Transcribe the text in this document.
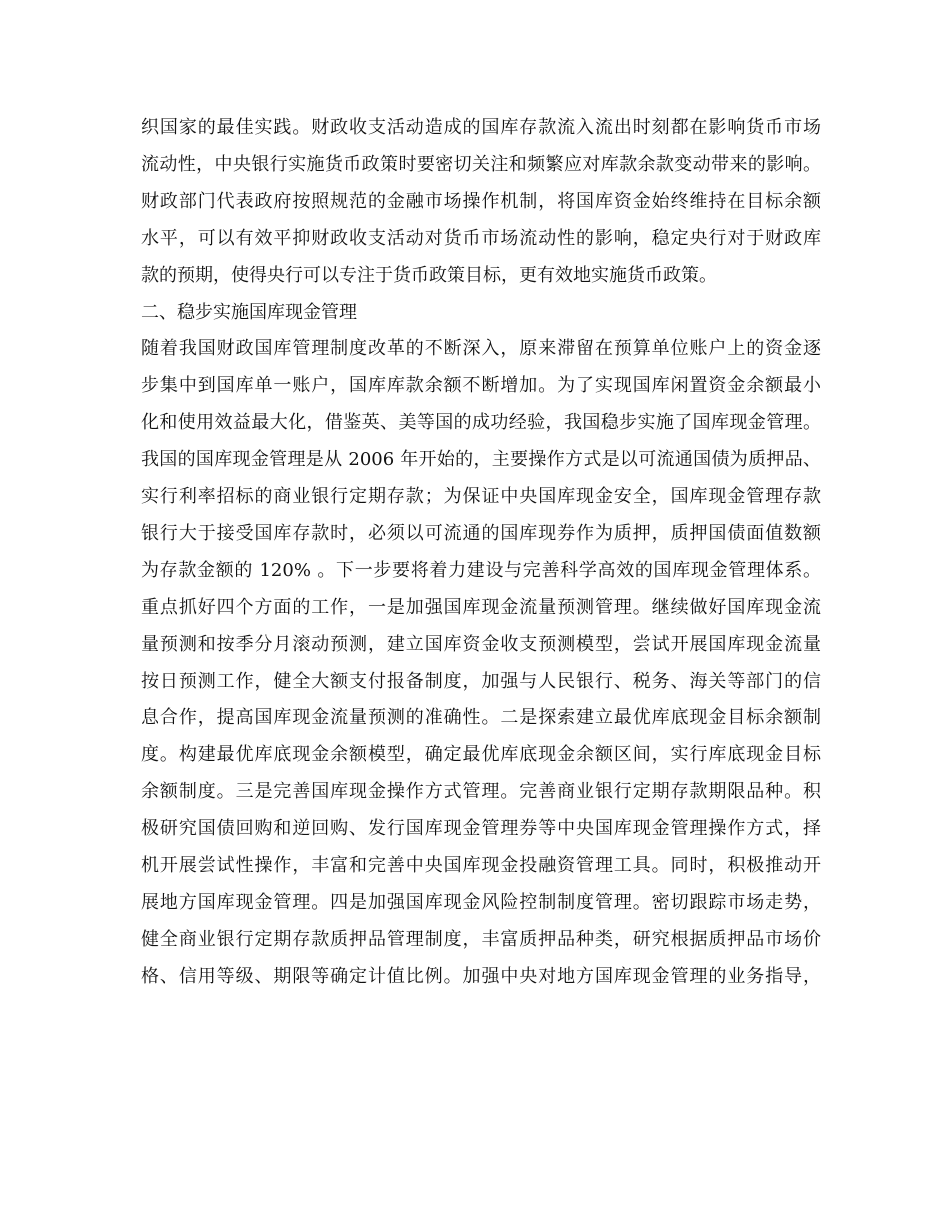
织国家的最佳实践。财政收支活动造成的国库存款流入流出时刻都在影响货币市场
流动性，中央银行实施货币政策时要密切关注和频繁应对库款余款变动带来的影响。
财政部门代表政府按照规范的金融市场操作机制，将国库资金始终维持在目标余额
水平，可以有效平抑财政收支活动对货币市场流动性的影响，稳定央行对于财政库
款的预期，使得央行可以专注于货币政策目标，更有效地实施货币政策。
二、稳步实施国库现金管理
随着我国财政国库管理制度改革的不断深入，原来滞留在预算单位账户上的资金逐
步集中到国库单一账户，国库库款余额不断增加。为了实现国库闲置资金余额最小
化和使用效益最大化，借鉴英、美等国的成功经验，我国稳步实施了国库现金管理。
我国的国库现金管理是从 2006 年开始的，主要操作方式是以可流通国债为质押品、
实行利率招标的商业银行定期存款；为保证中央国库现金安全，国库现金管理存款
银行大于接受国库存款时，必须以可流通的国库现券作为质押，质押国债面值数额
为存款金额的 120% 。下一步要将着力建设与完善科学高效的国库现金管理体系。
重点抓好四个方面的工作，一是加强国库现金流量预测管理。继续做好国库现金流
量预测和按季分月滚动预测，建立国库资金收支预测模型，尝试开展国库现金流量
按日预测工作，健全大额支付报备制度，加强与人民银行、税务、海关等部门的信
息合作，提高国库现金流量预测的准确性。二是探索建立最优库底现金目标余额制
度。构建最优库底现金余额模型，确定最优库底现金余额区间，实行库底现金目标
余额制度。三是完善国库现金操作方式管理。完善商业银行定期存款期限品种。积
极研究国债回购和逆回购、发行国库现金管理券等中央国库现金管理操作方式，择
机开展尝试性操作，丰富和完善中央国库现金投融资管理工具。同时，积极推动开
展地方国库现金管理。四是加强国库现金风险控制制度管理。密切跟踪市场走势，
健全商业银行定期存款质押品管理制度，丰富质押品种类，研究根据质押品市场价
格、信用等级、期限等确定计值比例。加强中央对地方国库现金管理的业务指导，
